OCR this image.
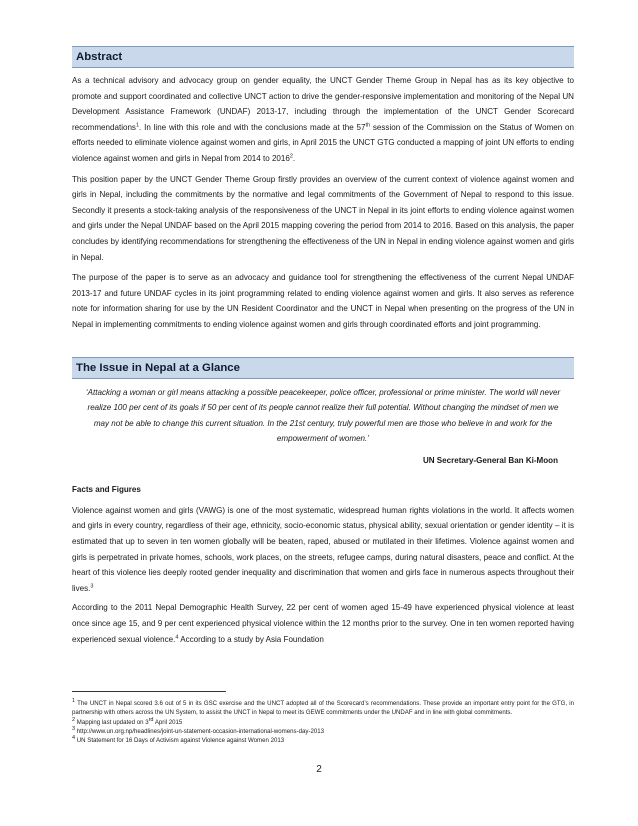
Abstract

As a technical advisory and advocacy group on gender equality, the UNCT Gender Theme Group in Nepal has as its key objective to promote and support coordinated and collective UNCT action to drive the gender-responsive implementation and monitoring of the Nepal UN Development Assistance Framework (UNDAF) 2013-17, including through the implementation of the UNCT Gender Scorecard recommendations$^1$. In line with this role and with the conclusions made at the 57th session of the Commission on the Status of Women on efforts needed to eliminate violence against women and girls, in April 2015 the UNCT GTG conducted a mapping of joint UN efforts to ending violence against women and girls in Nepal from 2014 to 2016$^2$.

This position paper by the UNCT Gender Theme Group firstly provides an overview of the current context of violence against women and girls in Nepal, including the commitments by the normative and legal commitments of the Government of Nepal to respond to this issue. Secondly it presents a stock-taking analysis of the responsiveness of the UNCT in Nepal in its joint efforts to ending violence against women and girls under the Nepal UNDAF based on the April 2015 mapping covering the period from 2014 to 2016. Based on this analysis, the paper concludes by identifying recommendations for strengthening the effectiveness of the UN in Nepal in ending violence against women and girls in Nepal.

The purpose of the paper is to serve as an advocacy and guidance tool for strengthening the effectiveness of the current Nepal UNDAF 2013-17 and future UNDAF cycles in its joint programming related to ending violence against women and girls. It also serves as reference note for information sharing for use by the UN Resident Coordinator and the UNCT in Nepal when presenting on the progress of the UN in Nepal in implementing commitments to ending violence against women and girls through coordinated efforts and joint programming.

The Issue in Nepal at a Glance

‘Attacking a woman or girl means attacking a possible peacekeeper, police officer, professional or prime minister. The world will never realize 100 per cent of its goals if 50 per cent of its people cannot realize their full potential. Without changing the mindset of men we may not be able to change this current situation. In the 21st century, truly powerful men are those who believe in and work for the empowerment of women.’

UN Secretary-General Ban Ki-Moon

Facts and Figures

Violence against women and girls (VAWG) is one of the most systematic, widespread human rights violations in the world. It affects women and girls in every country, regardless of their age, ethnicity, socio-economic status, physical ability, sexual orientation or gender identity – it is estimated that up to seven in ten women globally will be beaten, raped, abused or mutilated in their lifetimes. Violence against women and girls is perpetrated in private homes, schools, work places, on the streets, refugee camps, during natural disasters, peace and conflict. At the heart of this violence lies deeply rooted gender inequality and discrimination that women and girls face in numerous aspects throughout their lives.$^3$

According to the 2011 Nepal Demographic Health Survey, 22 per cent of women aged 15-49 have experienced physical violence at least once since age 15, and 9 per cent experienced physical violence within the 12 months prior to the survey. One in ten women reported having experienced sexual violence.$^4$ According to a study by Asia Foundation

$^1$ The UNCT in Nepal scored 3.6 out of 5 in its GSC exercise and the UNCT adopted all of the Scorecard’s recommendations. These provide an important entry point for the GTG, in partnership with others across the UN System, to assist the UNCT in Nepal to meet its GEWE commitments under the UNDAF and in line with global commitments.

$^2$ Mapping last updated on 3rd April 2015

$^3$ http://www.un.org.np/headlines/joint-un-statement-occasion-international-womens-day-2013

$^4$ UN Statement for 16 Days of Activism against Violence against Women 2013

2
